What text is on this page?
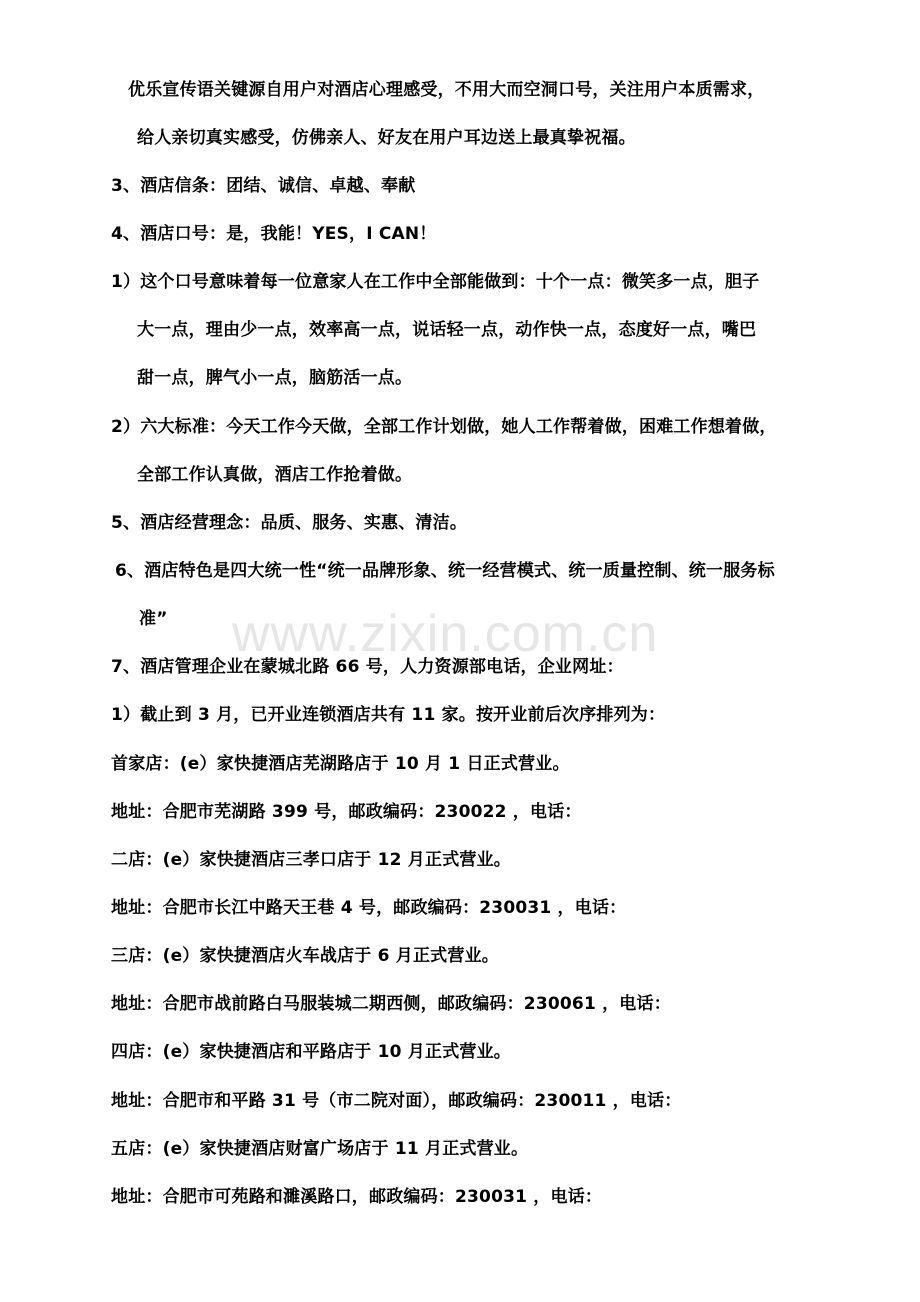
www.zixin.com.cn
优乐宣传语关键源自用户对酒店心理感受，不用大而空洞口号，关注用户本质需求，
给人亲切真实感受，仿佛亲人、好友在用户耳边送上最真挚祝福。
3、酒店信条：团结、诚信、卓越、奉献
4、酒店口号：是，我能！YES，I CAN！
1）这个口号意味着每一位意家人在工作中全部能做到：十个一点：微笑多一点，胆子
大一点，理由少一点，效率高一点，说话轻一点，动作快一点，态度好一点，嘴巴
甜一点，脾气小一点，脑筋活一点。
2）六大标准：今天工作今天做，全部工作计划做，她人工作帮着做，困难工作想着做，
全部工作认真做，酒店工作抢着做。
5、酒店经营理念：品质、服务、实惠、清洁。
6、酒店特色是四大统一性“统一品牌形象、统一经营模式、统一质量控制、统一服务标
准”
7、酒店管理企业在蒙城北路 66 号，人力资源部电话，企业网址：
1）截止到 3 月，已开业连锁酒店共有 11 家。按开业前后次序排列为：
首家店：(e）家快捷酒店芜湖路店于 10 月 1 日正式营业。
地址：合肥市芜湖路 399 号，邮政编码：230022 ，电话：
二店：(e）家快捷酒店三孝口店于 12 月正式营业。
地址：合肥市长江中路天王巷 4 号，邮政编码：230031 ，电话：
三店：(e）家快捷酒店火车战店于 6 月正式营业。
地址：合肥市战前路白马服装城二期西侧，邮政编码：230061 ，电话：
四店：(e）家快捷酒店和平路店于 10 月正式营业。
地址：合肥市和平路 31 号（市二院对面），邮政编码：230011 ，电话：
五店：(e）家快捷酒店财富广场店于 11 月正式营业。
地址：合肥市可苑路和濉溪路口，邮政编码：230031 ，电话：
